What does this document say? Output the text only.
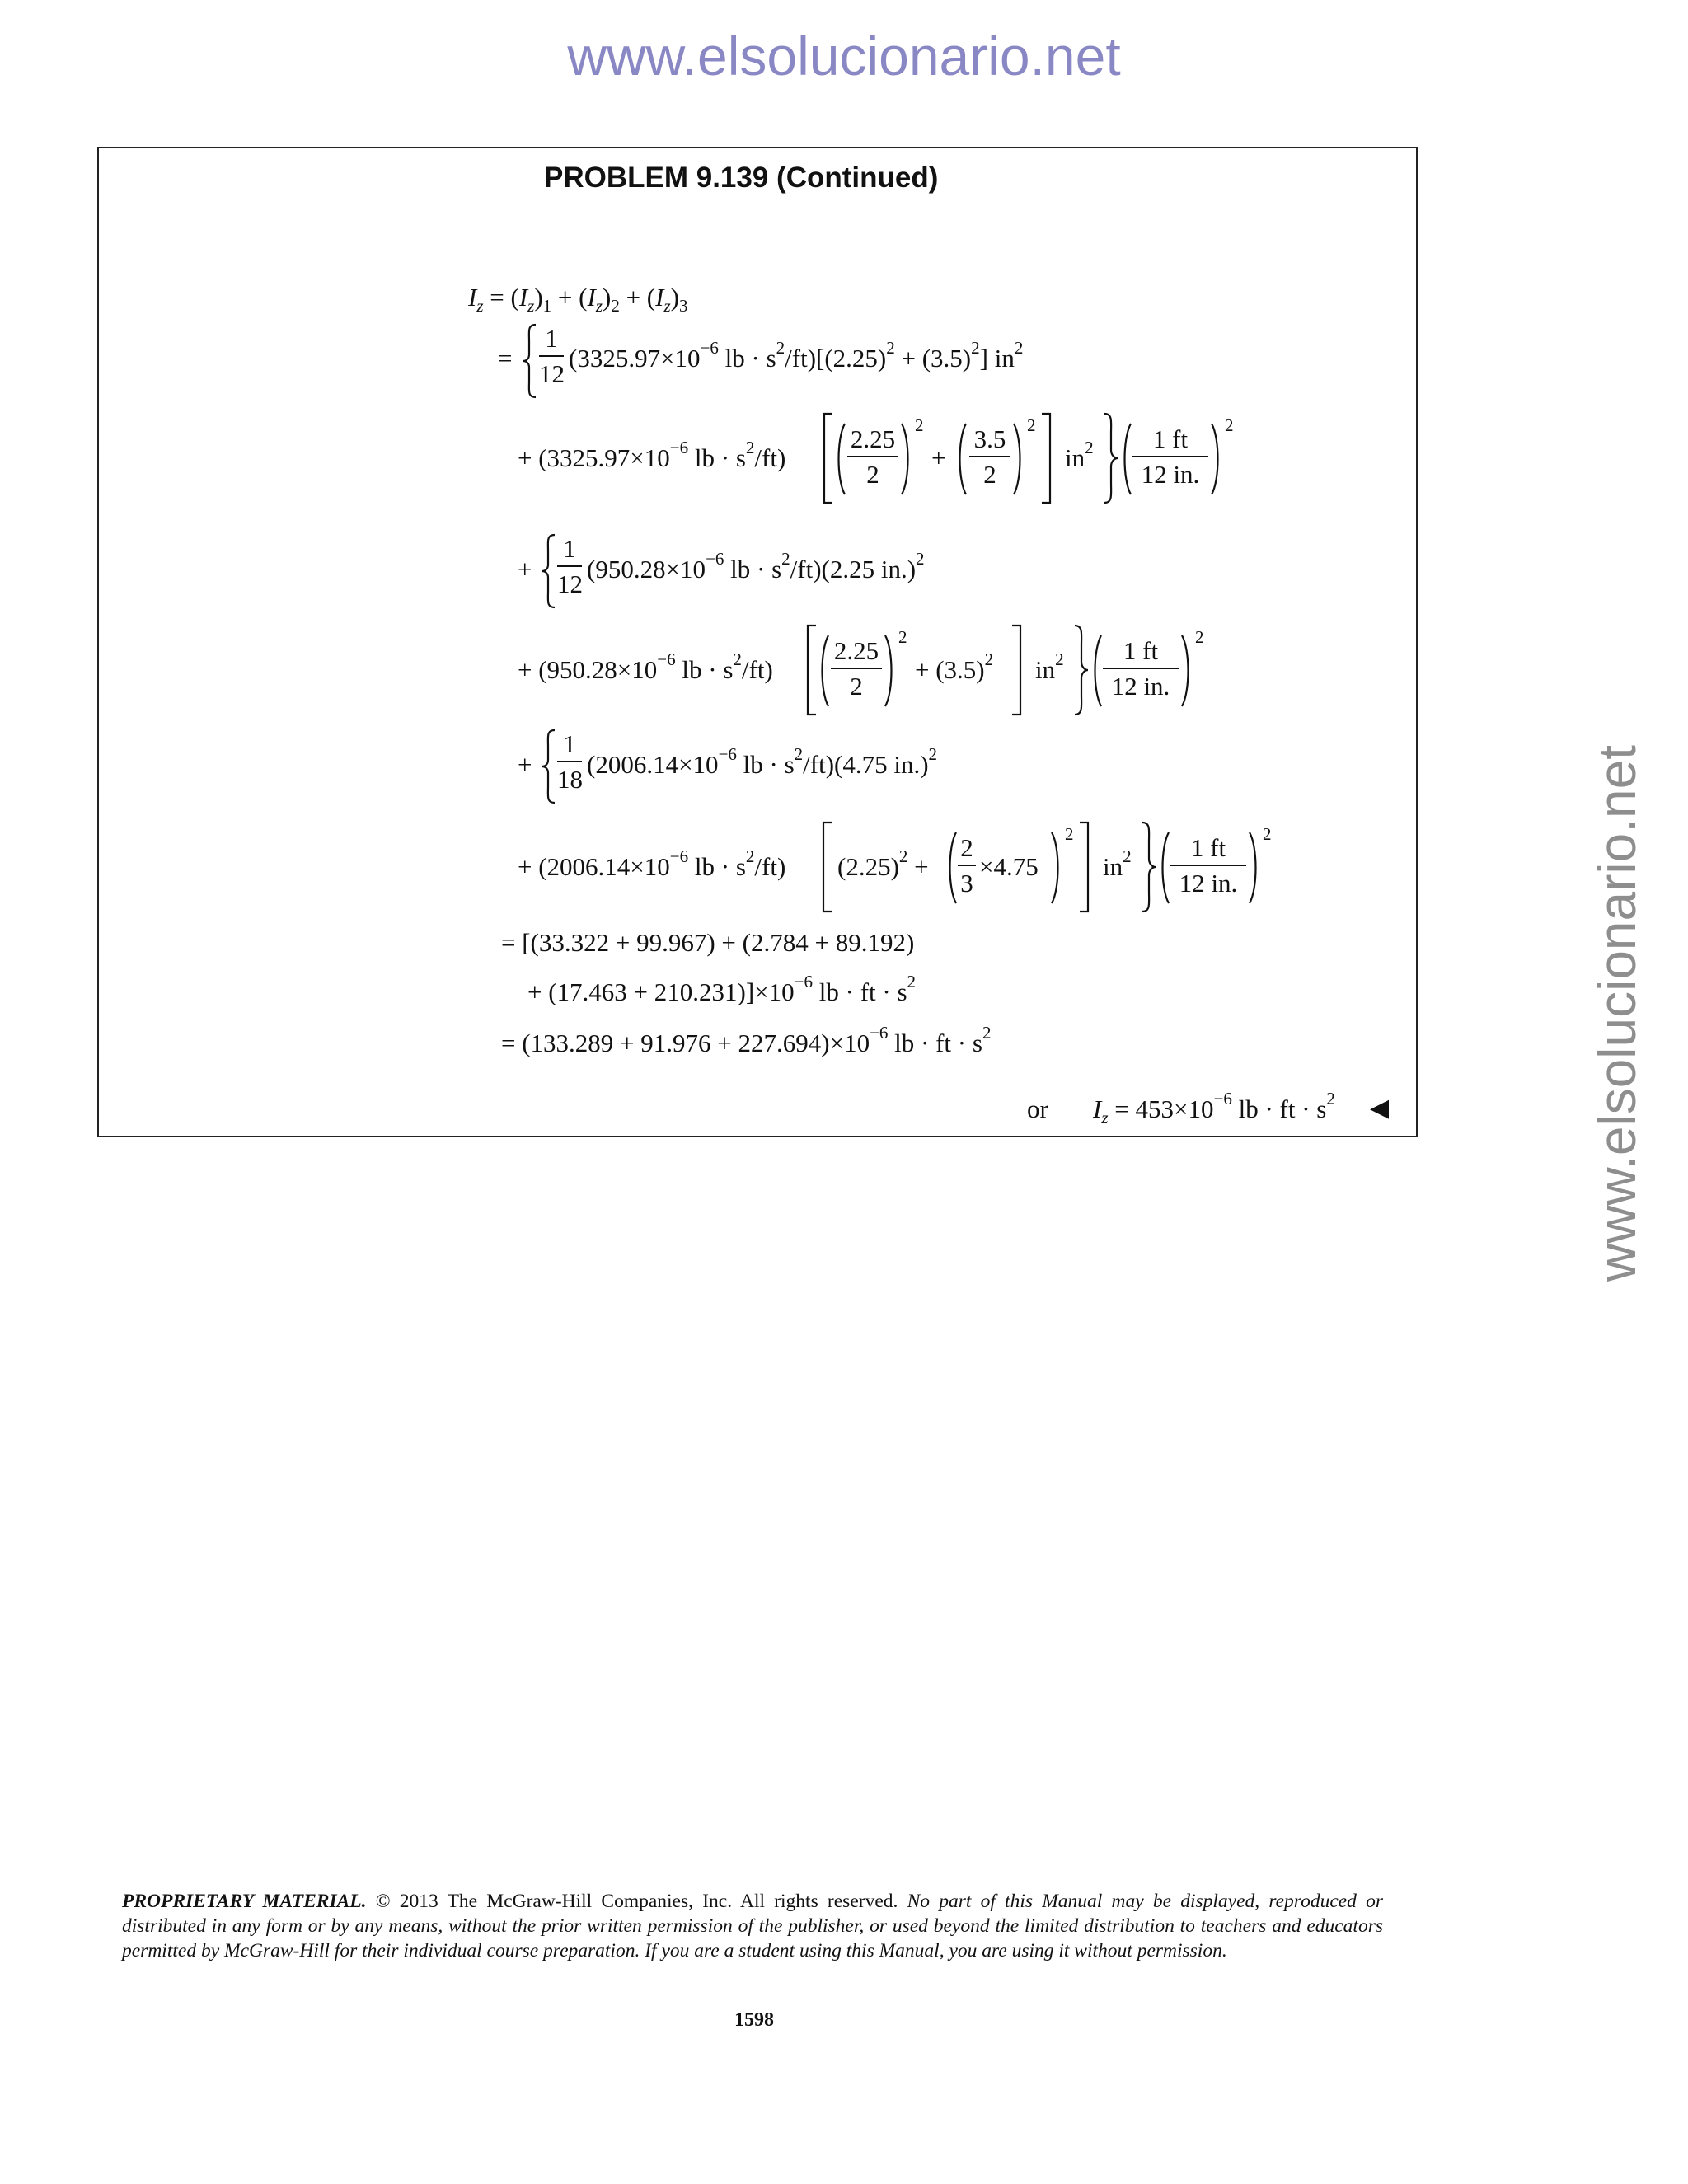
www.elsolucionario.net
www.elsolucionario.net
PROBLEM 9.139 (Continued)
$I_z = (I_z)_1 + (I_z)_2 + (I_z)_3$
=
1
12
($3325.97\times 10^{-6}$ lb · $s^2/ft)[(2.25)^2 + (3.5)^2]$ $in^2$
+ ($3325.97\times 10^{-6}$ lb · $s^2/ft$)
2.25
2
2
+
3.5
2
2
$in^2$	1 ft
12 in.
2
+
1
12
($950.28\times 10^{-6}$ lb · $s^2/ft)(2.25$ in.)$^2$
+ ($950.28\times 10^{-6}$ lb · $s^2/ft$)
2.25
2
2
+ $(3.5)^2$ $in^2$	1 ft
12 in.
2
+
1
18
($2006.14\times 10^{-6}$ lb · $s^2/ft)(4.75$ in.)$^2$
+ ($2006.14\times 10^{-6}$ lb · $s^2/ft$) $(2.25)^2$ +
2
3
×4.75
2
$in^2$	1 ft
12 in.
2
= [(33.322 + 99.967) + (2.784 + 89.192)
+ $(17.463 + 210.231)]\times 10^{-6}$ lb · ft · $s^2$
= $(133.289 + 91.976 + 227.694)\times 10^{-6}$ lb · ft · $s^2$
or $I_z = 453\times 10^{-6}$ lb · ft · $s^2$ ◀
PROPRIETARY MATERIAL. © 2013 The McGraw-Hill Companies, Inc. All rights reserved. No part of this Manual may be displayed, reproduced or distributed in any form or by any means, without the prior written permission of the publisher, or used beyond the limited distribution to teachers and educators permitted by McGraw-Hill for their individual course preparation. If you are a student using this Manual, you are using it without permission.
1598
